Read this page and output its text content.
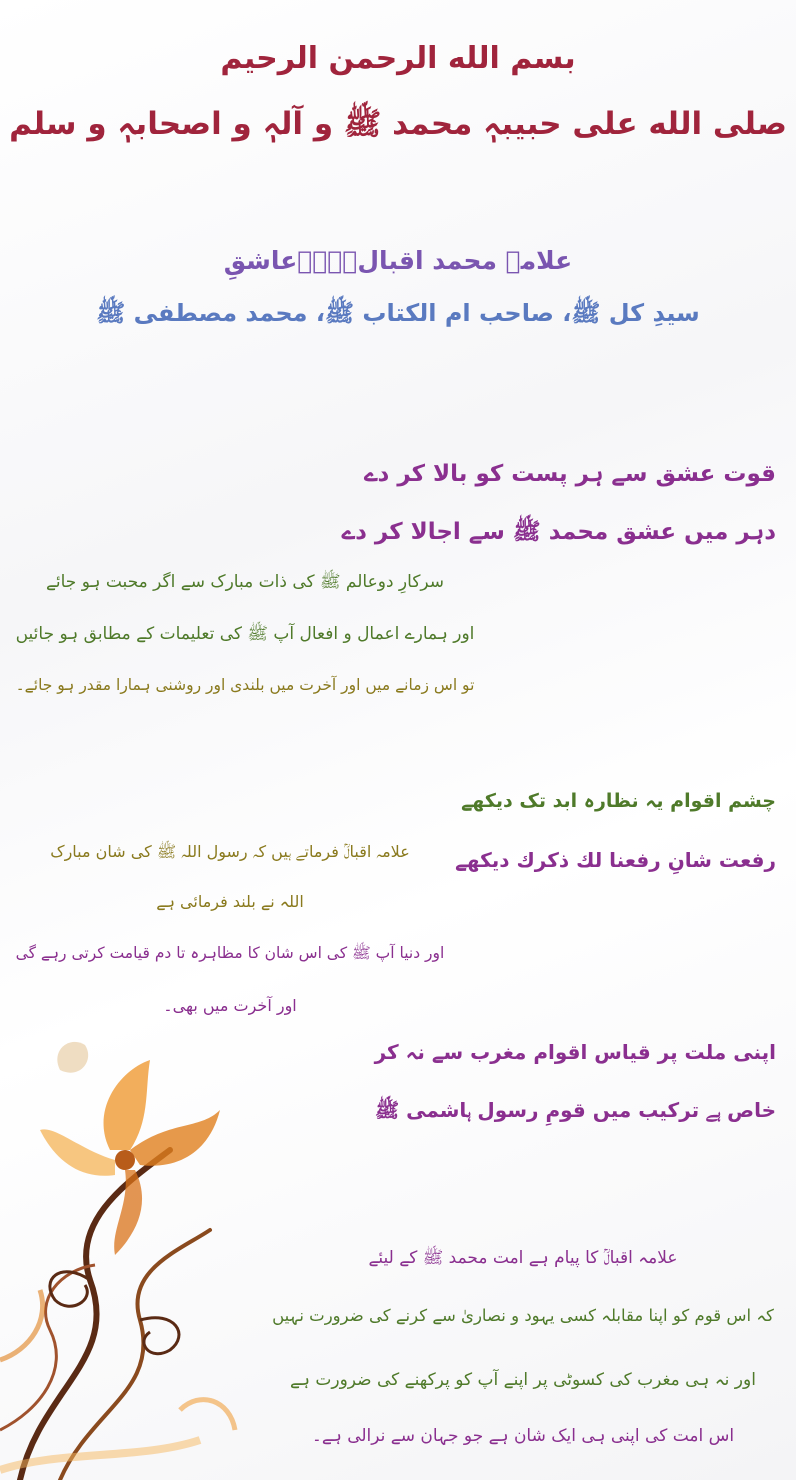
بسم الله الرحمن الرحیم
صلی الله علی حبیبہٖ محمد ﷺ و آلہٖ و اصحابہٖ و سلم
علامہ محمد اقبالؒ۔۔۔عاشقِ
سیدِ کل ﷺ، صاحب ام الکتاب ﷺ، محمد مصطفی ﷺ
قوت عشق سے ہر پست کو بالا کر دے
دہر میں عشق محمد ﷺ سے اجالا کر دے
سرکارِ دوعالم ﷺ کی ذات مبارک سے اگر محبت ہو جائے
اور ہمارے اعمال و افعال آپ ﷺ کی تعلیمات کے مطابق ہو جائیں
تو اس زمانے میں اور آخرت میں بلندی اور روشنی ہمارا مقدر ہو جائے۔
چشم اقوام یہ نظارہ ابد تک دیکھے
رفعت شانِ رفعنا لك ذكرك دیکھے
علامہ اقبالؒ فرماتے ہیں کہ رسول اللہ ﷺ کی شان مبارک
اللہ نے بلند فرمائی ہے
اور دنیا آپ ﷺ کی اس شان کا مظاہرہ تا دم قیامت کرتی رہے گی
اور آخرت میں بھی۔
اپنی ملت پر قیاس اقوام مغرب سے نہ کر
خاص ہے ترکیب میں قومِ رسول ہاشمی ﷺ
علامہ اقبالؒ کا پیام ہے امت محمد ﷺ کے لیئے
کہ اس قوم کو اپنا مقابلہ کسی یہود و نصاریٰ سے کرنے کی ضرورت نہیں
اور نہ ہی مغرب کی کسوٹی پر اپنے آپ کو پرکھنے کی ضرورت ہے
اس امت کی اپنی ہی ایک شان ہے جو جہان سے نرالی ہے۔
